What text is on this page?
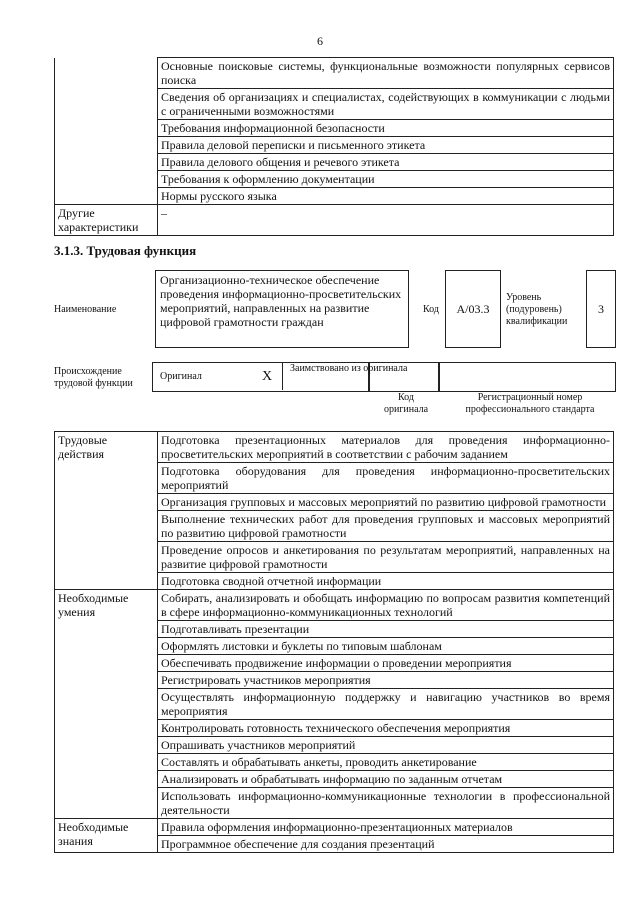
6
	Основные поисковые системы, функциональные возможности популярных сервисов поиска
	Сведения об организациях и специалистах, содействующих в коммуникации с людьми с ограниченными возможностями
	Требования информационной безопасности
	Правила деловой переписки и письменного этикета
	Правила делового общения и речевого этикета
	Требования к оформлению документации
	Нормы русского языка
Другие характеристики	–
3.1.3. Трудовая функция
Наименование
Организационно-техническое обеспечение проведения информационно-просветительских мероприятий, направленных на развитие цифровой грамотности граждан
Код А/03.3
Уровень (подуровень) квалификации
3
Происхождение трудовой функции
Оригинал	X
Заимствовано из оригинала
Код оригинала
Регистрационный номер профессионального стандарта
Трудовые действия	Подготовка презентационных материалов для проведения информационно-просветительских мероприятий в соответствии с рабочим заданием
	Подготовка оборудования для проведения информационно-просветительских мероприятий
	Организация групповых и массовых мероприятий по развитию цифровой грамотности
	Выполнение технических работ для проведения групповых и массовых мероприятий по развитию цифровой грамотности
	Проведение опросов и анкетирования по результатам мероприятий, направленных на развитие цифровой грамотности
	Подготовка сводной отчетной информации
Необходимые умения	Собирать, анализировать и обобщать информацию по вопросам развития компетенций в сфере информационно-коммуникационных технологий
	Подготавливать презентации
	Оформлять листовки и буклеты по типовым шаблонам
	Обеспечивать продвижение информации о проведении мероприятия
	Регистрировать участников мероприятия
	Осуществлять информационную поддержку и навигацию участников во время мероприятия
	Контролировать готовность технического обеспечения мероприятия
	Опрашивать участников мероприятий
	Составлять и обрабатывать анкеты, проводить анкетирование
	Анализировать и обрабатывать информацию по заданным отчетам
	Использовать информационно-коммуникационные технологии в профессиональной деятельности
Необходимые знания	Правила оформления информационно-презентационных материалов
	Программное обеспечение для создания презентаций
